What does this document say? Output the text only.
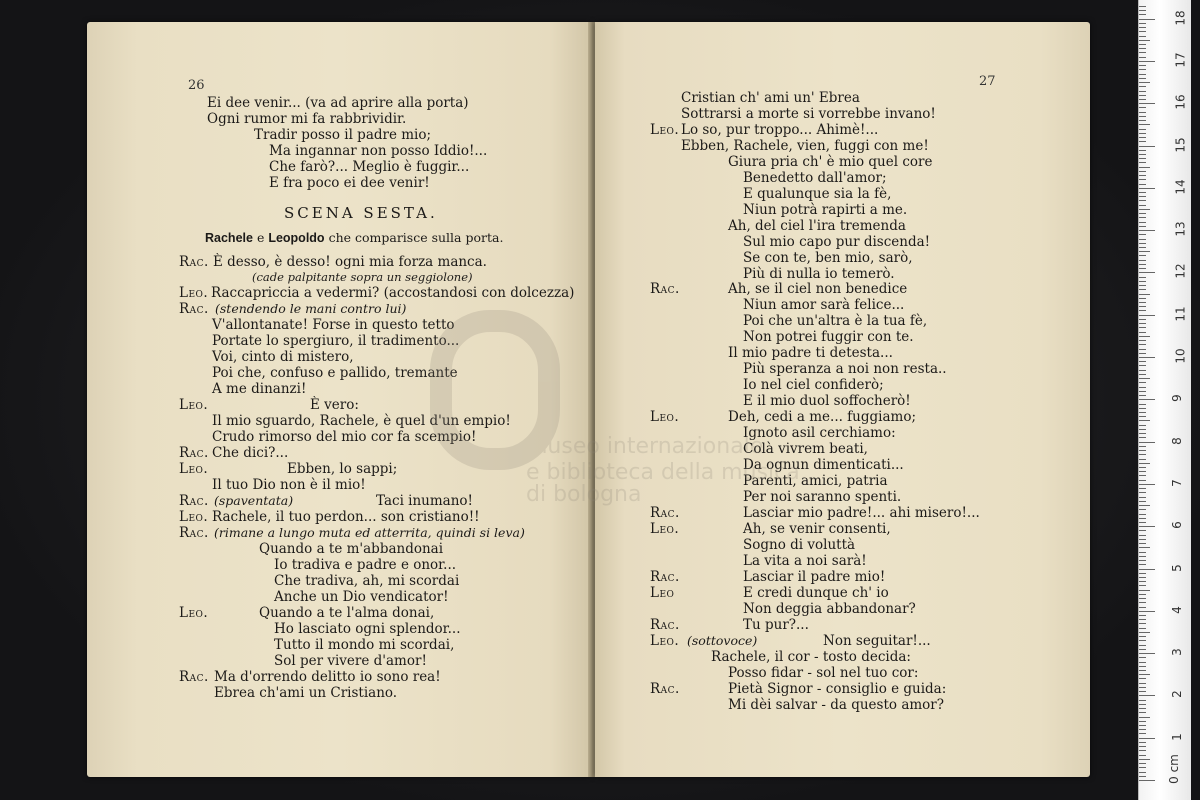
26
Ei dee venir... (va ad aprire alla porta)
Ogni rumor mi fa rabbrividir.
Tradir posso il padre mio;
Ma ingannar non posso Iddio!...
Che farò?... Meglio è fuggir...
E fra poco ei dee venir!
SCENA SESTA.
Rachele e Leopoldo che comparisce sulla porta.
Rac. È desso, è desso! ogni mia forza manca.
(cade palpitante sopra un seggiolone)
Leo. Raccapriccia a vedermi? (accostandosi con dolcezza)
Rac. (stendendo le mani contro lui)
V'allontanate! Forse in questo tetto
Portate lo spergiuro, il tradimento...
Voi, cinto di mistero,
Poi che, confuso e pallido, tremante
A me dinanzi!
Leo.	È vero:
Il mio sguardo, Rachele, è quel d'un empio!
Crudo rimorso del mio cor fa scempio!
Rac. Che dici?...
Leo.	Ebben, lo sappi;
Il tuo Dio non è il mio!
Rac. (spaventata)	Taci inumano!
Leo. Rachele, il tuo perdon... son cristiano!!
Rac. (rimane a lungo muta ed atterrita, quindi si leva)
Quando a te m'abbandonai
Io tradiva e padre e onor...
Che tradiva, ah, mi scordai
Anche un Dio vendicator!
Leo.	Quando a te l'alma donai,
Ho lasciato ogni splendor...
Tutto il mondo mi scordai,
Sol per vivere d'amor!
Rac. Ma d'orrendo delitto io sono rea!
Ebrea ch'ami un Cristiano.
27
Cristian ch' ami un' Ebrea
Sottrarsi a morte si vorrebbe invano!
Leo. Lo so, pur troppo... Ahimè!...
Ebben, Rachele, vien, fuggi con me!
Giura pria ch' è mio quel core
Benedetto dall'amor;
E qualunque sia la fè,
Niun potrà rapirti a me.
Ah, del ciel l'ira tremenda
Sul mio capo pur discenda!
Se con te, ben mio, sarò,
Più di nulla io temerò.
Rac.	Ah, se il ciel non benedice
Niun amor sarà felice...
Poi che un'altra è la tua fè,
Non potrei fuggir con te.
Il mio padre ti detesta...
Più speranza a noi non resta..
Io nel ciel confiderò;
E il mio duol soffocherò!
Leo.	Deh, cedi a me... fuggiamo;
Ignoto asil cerchiamo:
Colà vivrem beati,
Da ognun dimenticati...
Parenti, amici, patria
Per noi saranno spenti.
Rac.	Lasciar mio padre!... ahi misero!...
Leo.	Ah, se venir consenti,
Sogno di voluttà
La vita a noi sarà!
Rac.	Lasciar il padre mio!
Leo	E credi dunque ch' io
Non deggia abbandonar?
Rac.	Tu pur?...
Leo. (sottovoce)	Non seguitar!...
Rachele, il cor - tosto decida:
Posso fidar - sol nel tuo cor:
Rac.	Pietà Signor - consiglio e guida:
Mi dèi salvar - da questo amor?
museo internazionale
e biblioteca della musica
di bologna
0 cm
1
2
3
4
5
6
7
8
9
10
11
12
13
14
15
16
17
18
